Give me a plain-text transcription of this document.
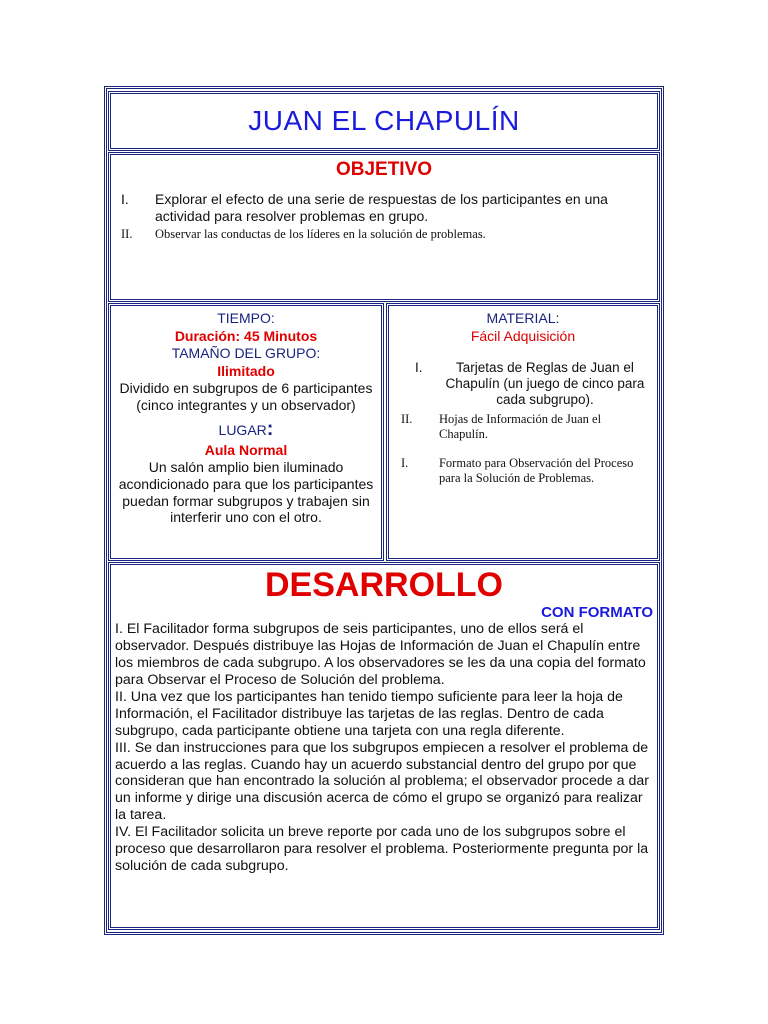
JUAN EL CHAPULÍN
OBJETIVO
I.	Explorar el efecto de una serie de respuestas de los participantes en una actividad para resolver problemas en grupo.
II.	Observar las conductas de los líderes en la solución de problemas.
TIEMPO:
Duración: 45 Minutos
TAMAÑO DEL GRUPO:
Ilimitado
Dividido en subgrupos de 6 participantes (cinco integrantes y un observador)
LUGAR:
Aula Normal
Un salón amplio bien iluminado acondicionado para que los participantes puedan formar subgrupos y trabajen sin interferir uno con el otro.
MATERIAL:
Fácil Adquisición
I.	Tarjetas de Reglas de Juan el Chapulín (un juego de cinco para cada subgrupo).
II.	Hojas de Información de Juan el Chapulín.
I.	Formato para Observación del Proceso para la Solución de Problemas.
DESARROLLO
CON FORMATO

I. El Facilitador forma subgrupos de seis participantes, uno de ellos será el observador. Después distribuye las Hojas de Información de Juan el Chapulín entre los miembros de cada subgrupo. A los observadores se les da una copia del formato para Observar el Proceso de Solución del problema.

II. Una vez que los participantes han tenido tiempo suficiente para leer la hoja de Información, el Facilitador distribuye las tarjetas de las reglas. Dentro de cada subgrupo, cada participante obtiene una tarjeta con una regla diferente.

III. Se dan instrucciones para que los subgrupos empiecen a resolver el problema de acuerdo a las reglas. Cuando hay un acuerdo substancial dentro del grupo por que consideran que han encontrado la solución al problema; el observador procede a dar un informe y dirige una discusión acerca de cómo el grupo se organizó para realizar la tarea.

IV. El Facilitador solicita un breve reporte por cada uno de los subgrupos sobre el proceso que desarrollaron para resolver el problema. Posteriormente pregunta por la solución de cada subgrupo.
